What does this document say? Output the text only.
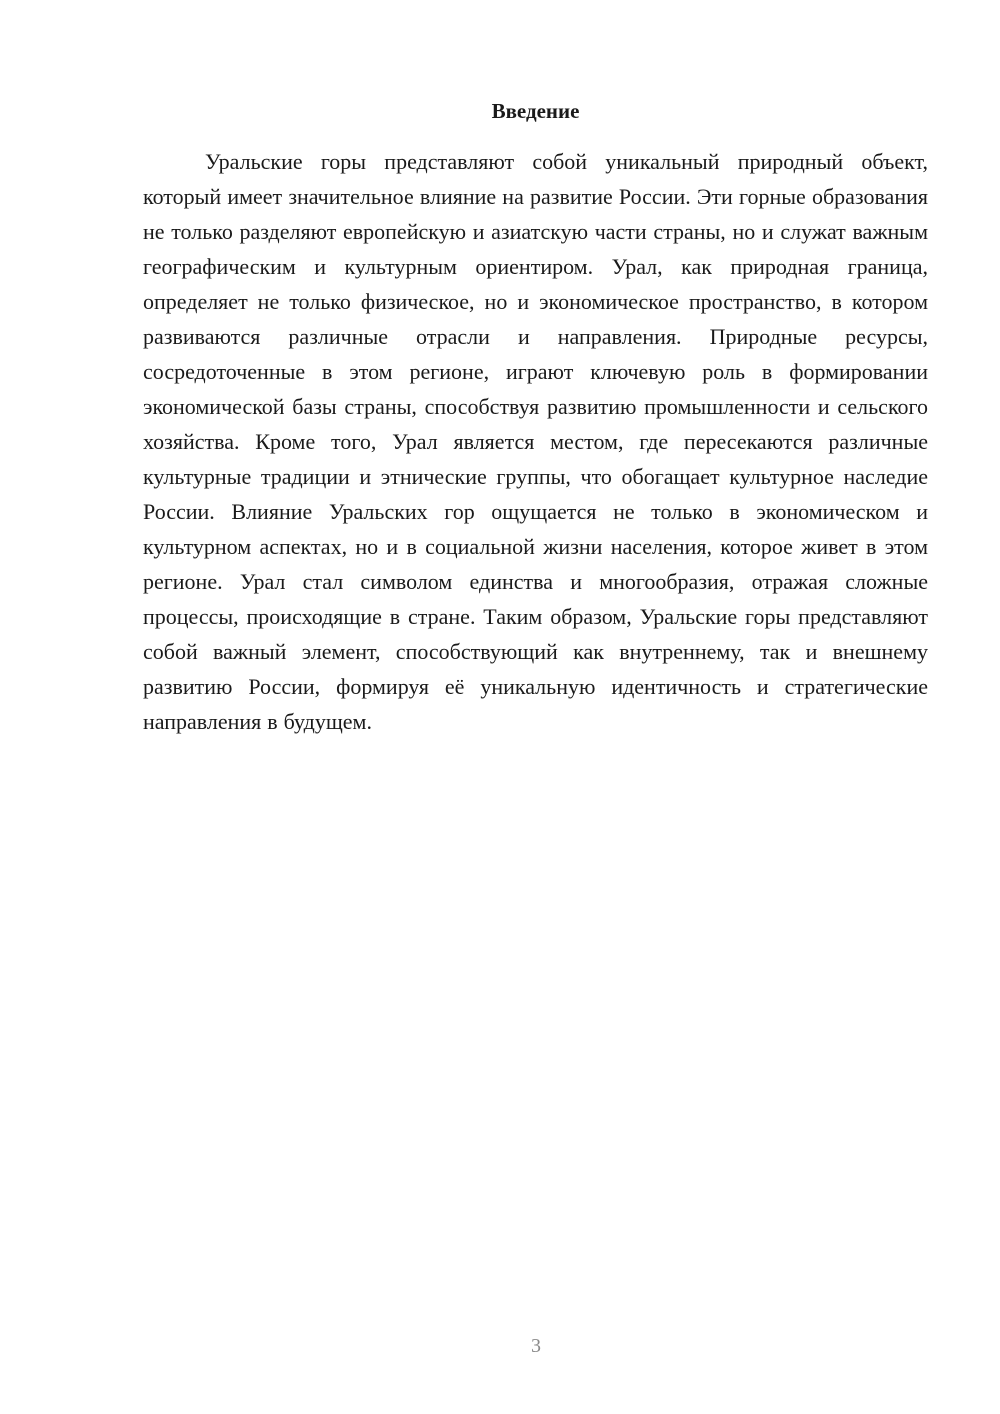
Введение

Уральские горы представляют собой уникальный природный объект, который имеет значительное влияние на развитие России. Эти горные образования не только разделяют европейскую и азиатскую части страны, но и служат важным географическим и культурным ориентиром. Урал, как природная граница, определяет не только физическое, но и экономическое пространство, в котором развиваются различные отрасли и направления. Природные ресурсы, сосредоточенные в этом регионе, играют ключевую роль в формировании экономической базы страны, способствуя развитию промышленности и сельского хозяйства. Кроме того, Урал является местом, где пересекаются различные культурные традиции и этнические группы, что обогащает культурное наследие России. Влияние Уральских гор ощущается не только в экономическом и культурном аспектах, но и в социальной жизни населения, которое живет в этом регионе. Урал стал символом единства и многообразия, отражая сложные процессы, происходящие в стране. Таким образом, Уральские горы представляют собой важный элемент, способствующий как внутреннему, так и внешнему развитию России, формируя её уникальную идентичность и стратегические направления в будущем.

3
